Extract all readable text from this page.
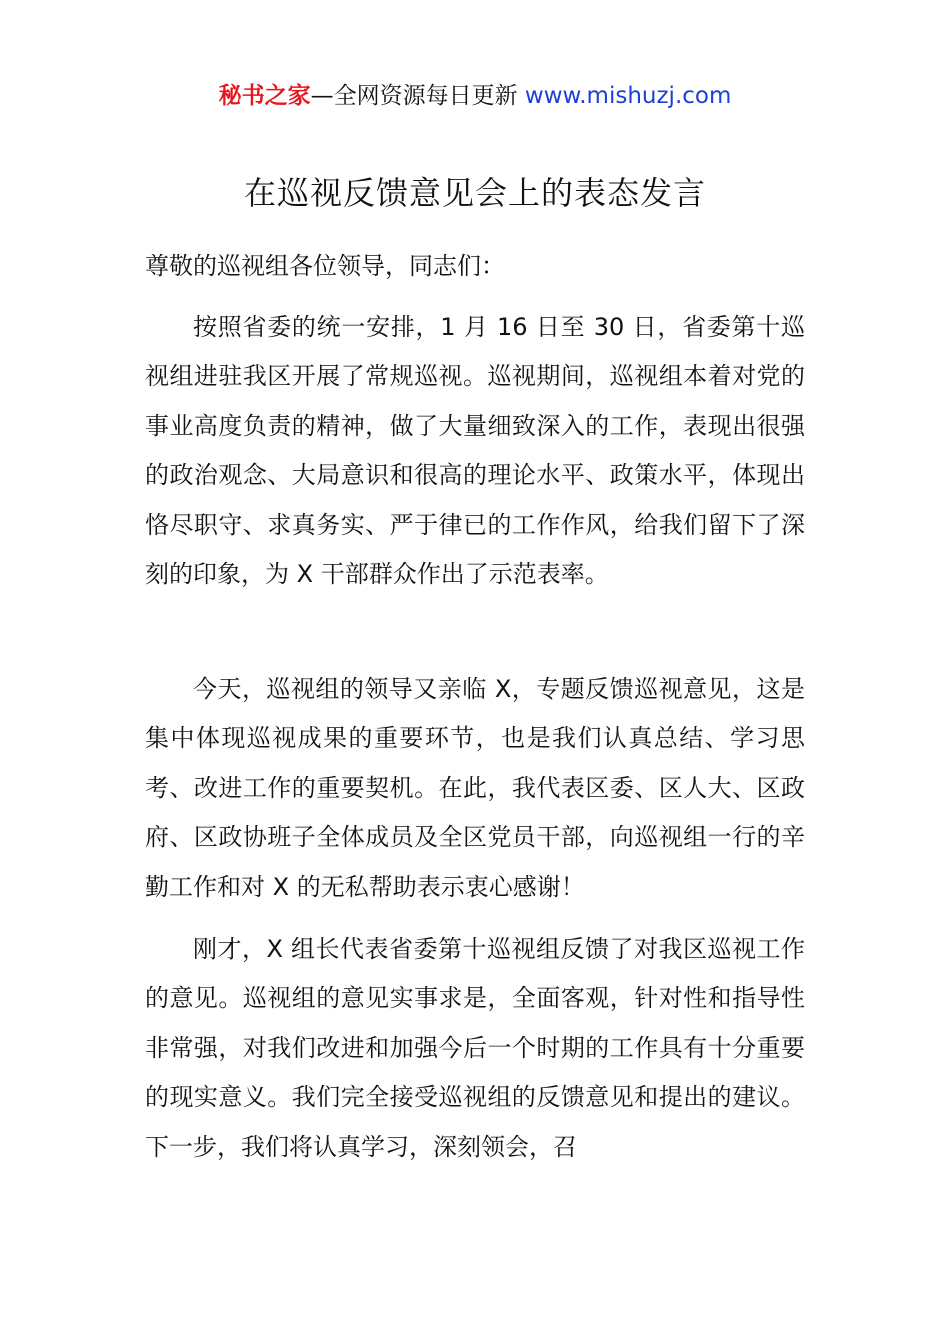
秘书之家—全网资源每日更新 www.mishuzj.com
在巡视反馈意见会上的表态发言

尊敬的巡视组各位领导，同志们：

按照省委的统一安排，1 月 16 日至 30 日，省委第十巡视组进驻我区开展了常规巡视。巡视期间，巡视组本着对党的事业高度负责的精神，做了大量细致深入的工作，表现出很强的政治观念、大局意识和很高的理论水平、政策水平，体现出恪尽职守、求真务实、严于律已的工作作风，给我们留下了深刻的印象，为 X 干部群众作出了示范表率。

今天，巡视组的领导又亲临 X，专题反馈巡视意见，这是集中体现巡视成果的重要环节，也是我们认真总结、学习思考、改进工作的重要契机。在此，我代表区委、区人大、区政府、区政协班子全体成员及全区党员干部，向巡视组一行的辛勤工作和对 X 的无私帮助表示衷心感谢！

刚才，X 组长代表省委第十巡视组反馈了对我区巡视工作的意见。巡视组的意见实事求是，全面客观，针对性和指导性非常强，对我们改进和加强今后一个时期的工作具有十分重要的现实意义。我们完全接受巡视组的反馈意见和提出的建议。下一步，我们将认真学习，深刻领会，召
